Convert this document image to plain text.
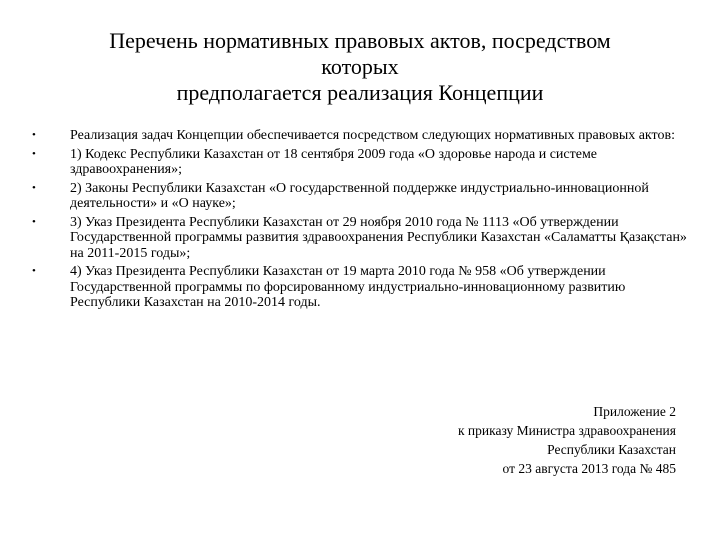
Перечень нормативных правовых актов, посредством
которых
предполагается реализация Концепции
•	Реализация задач Концепции обеспечивается посредством следующих нормативных правовых актов:
•	1) Кодекс Республики Казахстан от 18 сентября 2009 года «О здоровье народа и системе здравоохранения»;
•	2) Законы Республики Казахстан «О государственной поддержке индустриально-инновационной деятельности» и «О науке»;
•	3) Указ Президента Республики Казахстан от 29 ноября 2010 года № 1113 «Об утверждении Государственной программы развития здравоохранения Республики Казахстан «Саламатты Қазақстан» на 2011-2015 годы»;
•	4) Указ Президента Республики Казахстан от 19 марта 2010 года № 958 «Об утверждении Государственной программы по форсированному индустриально-инновационному развитию Республики Казахстан на 2010-2014 годы.
Приложение 2
к приказу Министра здравоохранения
Республики Казахстан
от 23 августа 2013 года № 485
